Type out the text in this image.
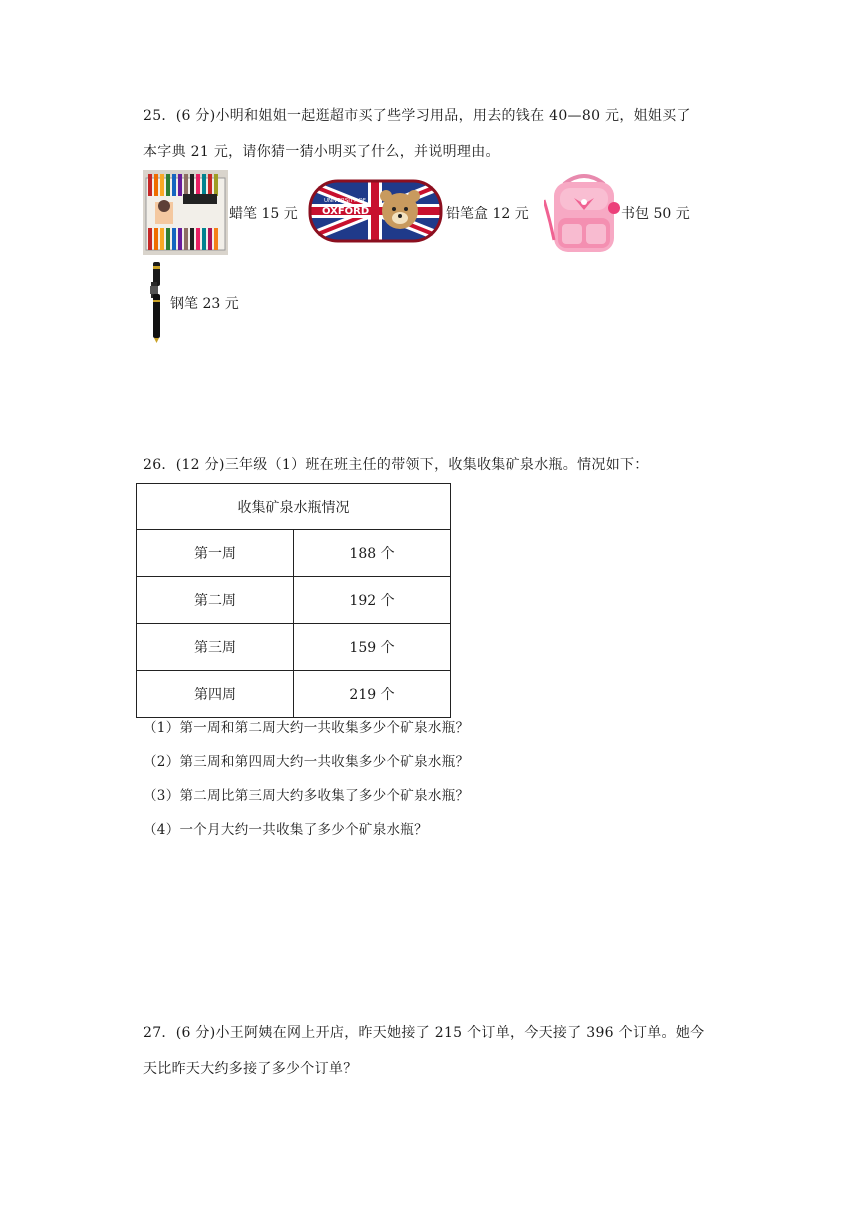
25．(6 分)小明和姐姐一起逛超市买了些学习用品，用去的钱在 40—80 元，姐姐买了
本字典 21 元，请你猜一猜小明买了什么，并说明理由。
蜡笔 15 元
UNIVERSITY OF
OXFORD	铅笔盒 12 元	书包 50 元
钢笔 23 元
26．(12 分)三年级（1）班在班主任的带领下，收集收集矿泉水瓶。情况如下：
收集矿泉水瓶情况	
第一周	188 个
第二周	192 个
第三周	159 个
第四周	219 个
（1）第一周和第二周大约一共收集多少个矿泉水瓶？
（2）第三周和第四周大约一共收集多少个矿泉水瓶？
（3）第二周比第三周大约多收集了多少个矿泉水瓶？
（4）一个月大约一共收集了多少个矿泉水瓶？
27．(6 分)小王阿姨在网上开店，昨天她接了 215 个订单，今天接了 396 个订单。她今
天比昨天大约多接了多少个订单？
